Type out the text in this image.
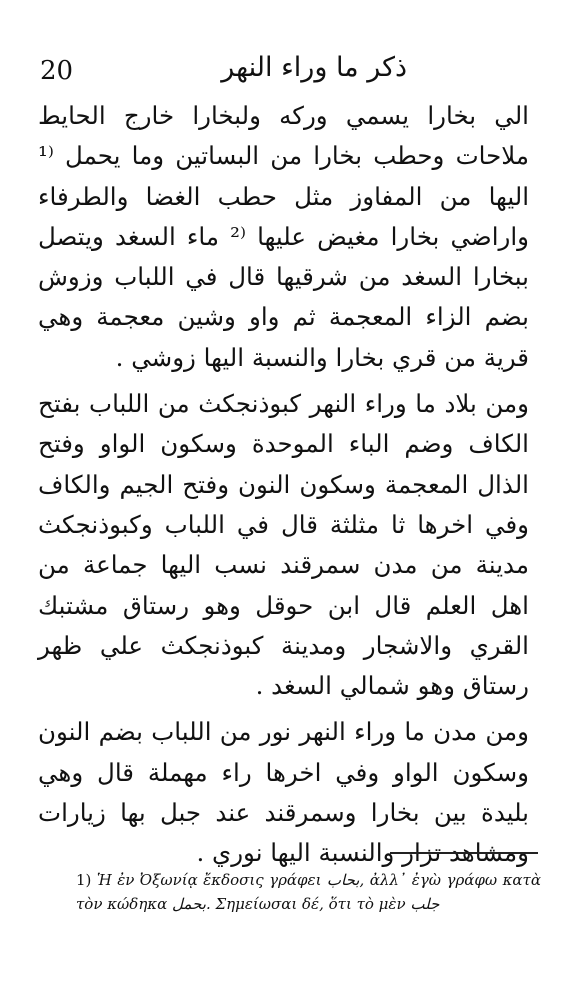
20	ذكر ما وراء النهر

الي بخارا يسمي وركه ولبخارا خارج الحايط ملاحات وحطب بخارا من البساتين وما يحمل ⁽¹ اليها من المفاوز مثل حطب الغضا والطرفاء واراضي بخارا مغيض عليها ⁽² ماء السغد ويتصل ببخارا السغد من شرقيها قال في اللباب وزوش بضم الزاء المعجمة ثم واو وشين معجمة وهي قرية من قري بخارا والنسبة اليها زوشي .

ومن بلاد ما وراء النهر كبوذنجكث من اللباب بفتح الكاف وضم الباء الموحدة وسكون الواو وفتح الذال المعجمة وسكون النون وفتح الجيم والكاف وفي اخرها ثا مثلثة قال في اللباب وكبوذنجكث مدينة من مدن سمرقند نسب اليها جماعة من اهل العلم قال ابن حوقل وهو رستاق مشتبك القري والاشجار ومدينة كبوذنجكث علي ظهر رستاق وهو شمالي السغد .

ومن مدن ما وراء النهر نور من اللباب بضم النون وسكون الواو وفي اخرها راء مهملة قال وهي بليدة بين بخارا وسمرقند عند جبل بها زيارات ومشاهد تزار والنسبة اليها نوري .

1) Ἡ ἐν Ὀξωνίᾳ ἔκδοσις γράφει بحاب, ἀλλ᾽ ἐγὼ γράφω κατὰ τὸν κώδηκα بحمل. Σημείωσαι δέ, ὅτι τὸ μὲν جلب
